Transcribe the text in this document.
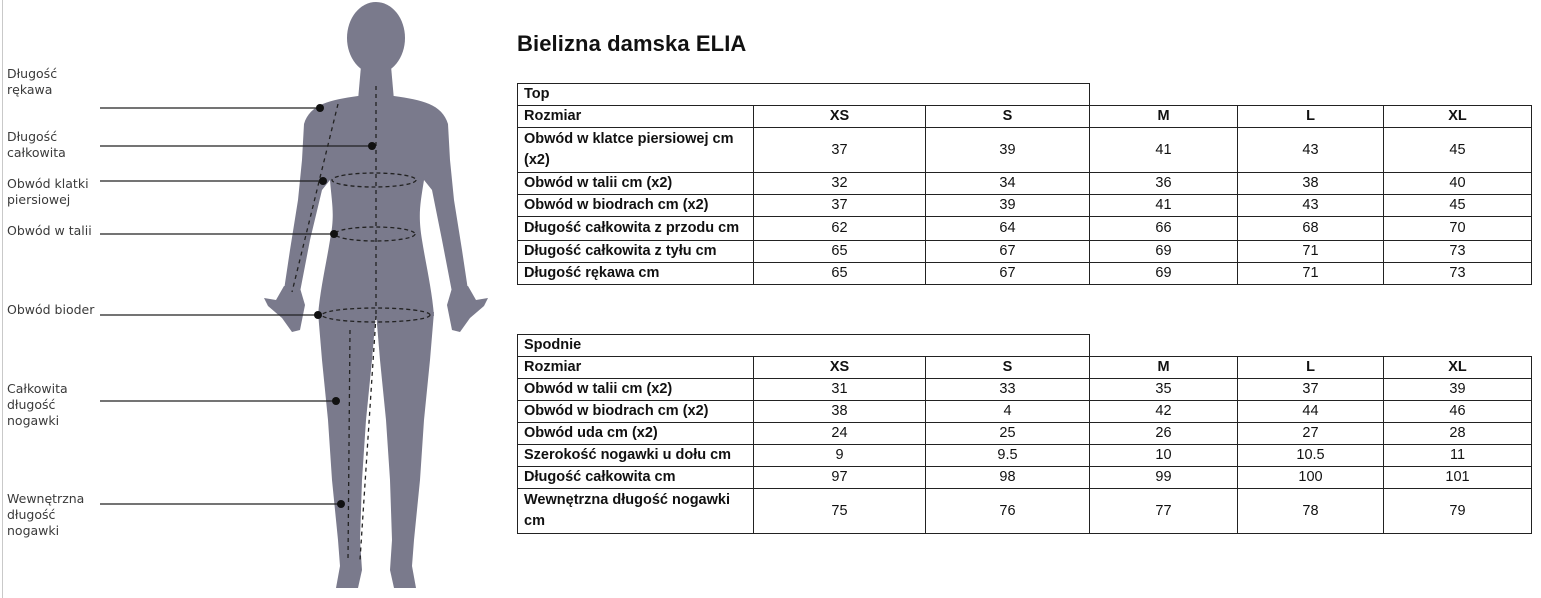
Długość
rękawa
Długość
całkowita
Obwód klatki
piersiowej
Obwód w talii
Obwód bioder
Całkowita
długość
nogawki
Wewnętrzna
długość
nogawki
Bielizna damska ELIA
Top					
Rozmiar	XS	S	M	L	XL
Obwód w klatce piersiowej cm (x2)	37	39	41	43	45
Obwód w talii cm (x2)	32	34	36	38	40
Obwód w biodrach cm (x2)	37	39	41	43	45
Długość całkowita z przodu cm	62	64	66	68	70
Długość całkowita z tyłu cm	65	67	69	71	73
Długość rękawa cm	65	67	69	71	73
Spodnie					
Rozmiar	XS	S	M	L	XL
Obwód w talii cm (x2)	31	33	35	37	39
Obwód w biodrach cm (x2)	38	4	42	44	46
Obwód uda cm (x2)	24	25	26	27	28
Szerokość nogawki u dołu cm	9	9.5	10	10.5	11
Długość całkowita cm	97	98	99	100	101
Wewnętrzna długość nogawki cm	75	76	77	78	79
